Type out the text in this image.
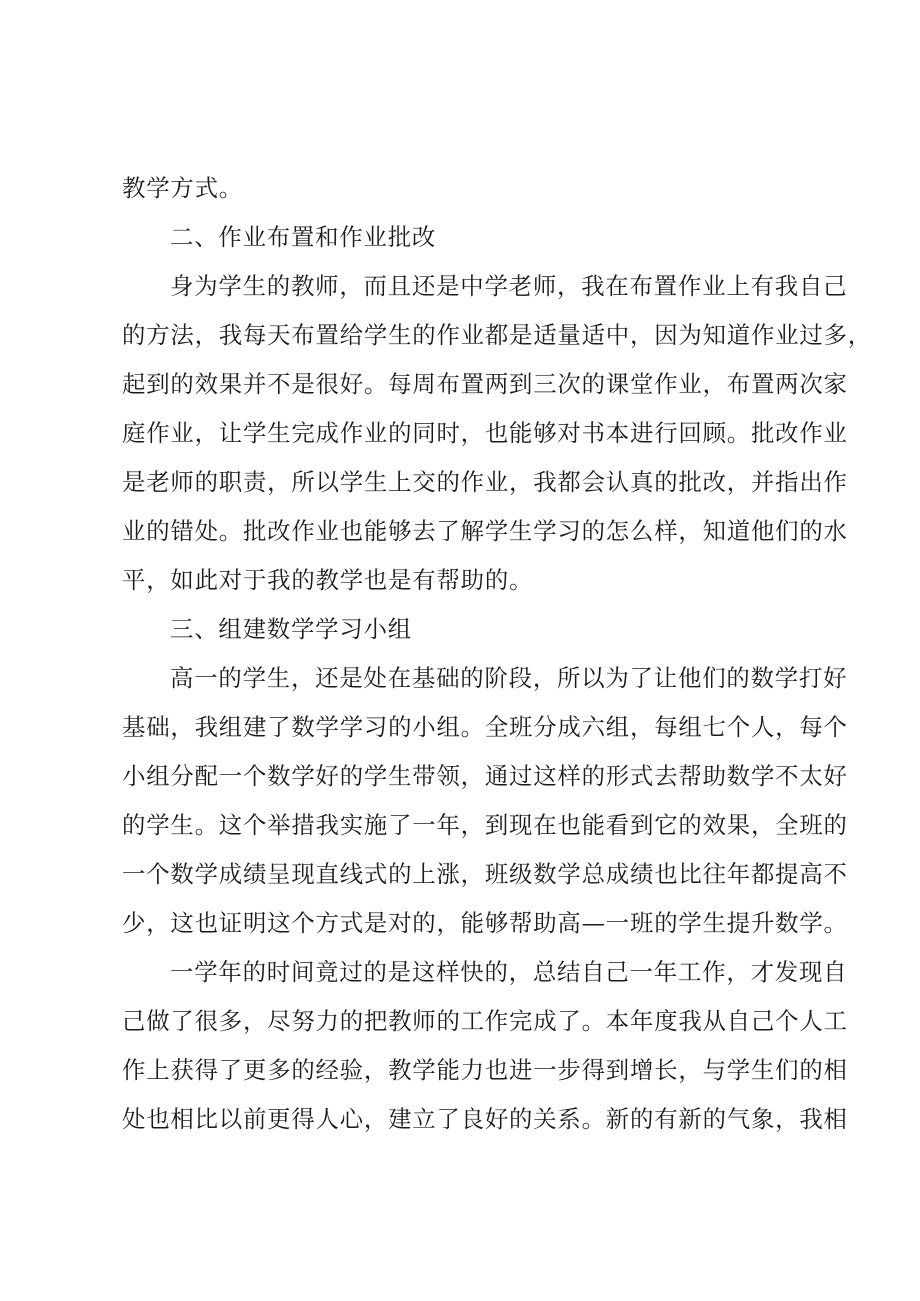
教学方式。
二、作业布置和作业批改
身为学生的教师，而且还是中学老师，我在布置作业上有我自己
的方法，我每天布置给学生的作业都是适量适中，因为知道作业过多，
起到的效果并不是很好。每周布置两到三次的课堂作业，布置两次家
庭作业，让学生完成作业的同时，也能够对书本进行回顾。批改作业
是老师的职责，所以学生上交的作业，我都会认真的批改，并指出作
业的错处。批改作业也能够去了解学生学习的怎么样，知道他们的水
平，如此对于我的教学也是有帮助的。
三、组建数学学习小组
高一的学生，还是处在基础的阶段，所以为了让他们的数学打好
基础，我组建了数学学习的小组。全班分成六组，每组七个人，每个
小组分配一个数学好的学生带领，通过这样的形式去帮助数学不太好
的学生。这个举措我实施了一年，到现在也能看到它的效果，全班的
一个数学成绩呈现直线式的上涨，班级数学总成绩也比往年都提高不
少，这也证明这个方式是对的，能够帮助高—一班的学生提升数学。
一学年的时间竟过的是这样快的，总结自己一年工作，才发现自
己做了很多，尽努力的把教师的工作完成了。本年度我从自己个人工
作上获得了更多的经验，教学能力也进一步得到增长，与学生们的相
处也相比以前更得人心，建立了良好的关系。新的有新的气象，我相
